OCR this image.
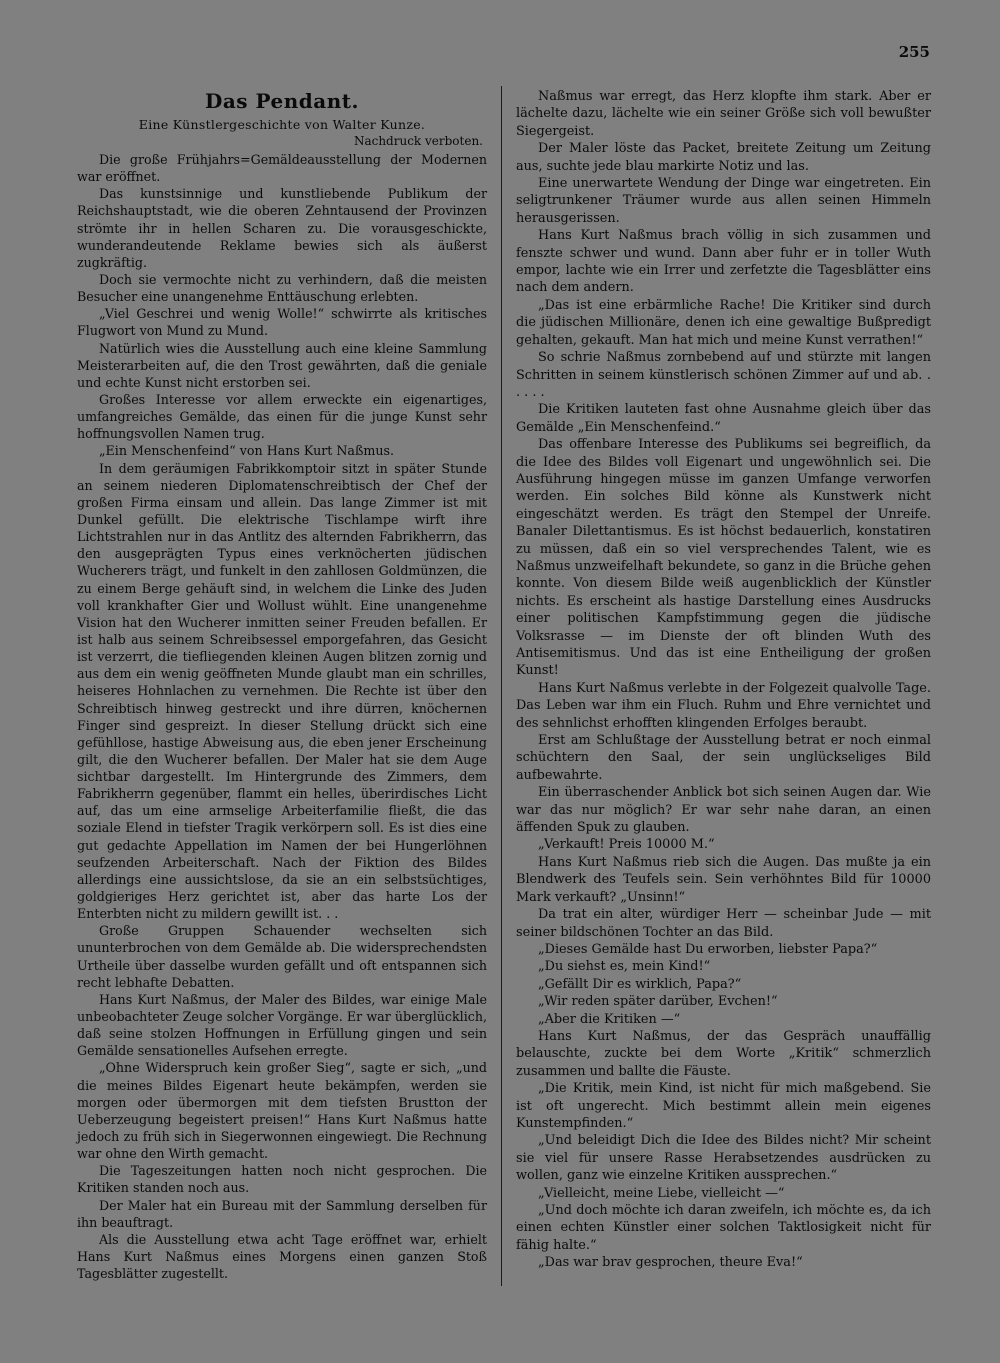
255
Das Pendant.
Eine Künstlergeschichte von Walter Kunze.
Nachdruck verboten.

Die große Frühjahrs=Gemäldeausstellung der Modernen war eröffnet.

Das kunstsinnige und kunstliebende Publikum der Reichshauptstadt, wie die oberen Zehntausend der Provinzen strömte ihr in hellen Scharen zu. Die vorausgeschickte, wunderandeutende Reklame bewies sich als äußerst zugkräftig.

Doch sie vermochte nicht zu verhindern, daß die meisten Besucher eine unangenehme Enttäuschung erlebten.

„Viel Geschrei und wenig Wolle!“ schwirrte als kritisches Flugwort von Mund zu Mund.

Natürlich wies die Ausstellung auch eine kleine Sammlung Meisterarbeiten auf, die den Trost gewährten, daß die geniale und echte Kunst nicht erstorben sei.

Großes Interesse vor allem erweckte ein eigenartiges, umfangreiches Gemälde, das einen für die junge Kunst sehr hoffnungsvollen Namen trug.

„Ein Menschenfeind“ von Hans Kurt Naßmus.

In dem geräumigen Fabrikkomptoir sitzt in später Stunde an seinem niederen Diplomatenschreibtisch der Chef der großen Firma einsam und allein. Das lange Zimmer ist mit Dunkel gefüllt. Die elektrische Tischlampe wirft ihre Lichtstrahlen nur in das Antlitz des alternden Fabrikherrn, das den ausgeprägten Typus eines verknöcherten jüdischen Wucherers trägt, und funkelt in den zahllosen Goldmünzen, die zu einem Berge gehäuft sind, in welchem die Linke des Juden voll krankhafter Gier und Wollust wühlt. Eine unangenehme Vision hat den Wucherer inmitten seiner Freuden befallen. Er ist halb aus seinem Schreibsessel emporgefahren, das Gesicht ist verzerrt, die tiefliegenden kleinen Augen blitzen zornig und aus dem ein wenig geöffneten Munde glaubt man ein schrilles, heiseres Hohnlachen zu vernehmen. Die Rechte ist über den Schreibtisch hinweg gestreckt und ihre dürren, knöchernen Finger sind gespreizt. In dieser Stellung drückt sich eine gefühllose, hastige Abweisung aus, die eben jener Erscheinung gilt, die den Wucherer befallen. Der Maler hat sie dem Auge sichtbar dargestellt. Im Hintergrunde des Zimmers, dem Fabrikherrn gegenüber, flammt ein helles, überirdisches Licht auf, das um eine armselige Arbeiterfamilie fließt, die das soziale Elend in tiefster Tragik verkörpern soll. Es ist dies eine gut gedachte Appellation im Namen der bei Hungerlöhnen seufzenden Arbeiterschaft. Nach der Fiktion des Bildes allerdings eine aussichtslose, da sie an ein selbstsüchtiges, goldgieriges Herz gerichtet ist, aber das harte Los der Enterbten nicht zu mildern gewillt ist. . .

Große Gruppen Schauender wechselten sich ununterbrochen von dem Gemälde ab. Die widersprechendsten Urtheile über dasselbe wurden gefällt und oft entspannen sich recht lebhafte Debatten.

Hans Kurt Naßmus, der Maler des Bildes, war einige Male unbeobachteter Zeuge solcher Vorgänge. Er war überglücklich, daß seine stolzen Hoffnungen in Erfüllung gingen und sein Gemälde sensationelles Aufsehen erregte.

„Ohne Widerspruch kein großer Sieg“, sagte er sich, „und die meines Bildes Eigenart heute bekämpfen, werden sie morgen oder übermorgen mit dem tiefsten Brustton der Ueberzeugung begeistert preisen!“ Hans Kurt Naßmus hatte jedoch zu früh sich in Siegerwonnen eingewiegt. Die Rechnung war ohne den Wirth gemacht.

Die Tageszeitungen hatten noch nicht gesprochen. Die Kritiken standen noch aus.

Der Maler hat ein Bureau mit der Sammlung derselben für ihn beauftragt.

Als die Ausstellung etwa acht Tage eröffnet war, erhielt Hans Kurt Naßmus eines Morgens einen ganzen Stoß Tagesblätter zugestellt.

Naßmus war erregt, das Herz klopfte ihm stark. Aber er lächelte dazu, lächelte wie ein seiner Größe sich voll bewußter Siegergeist.

Der Maler löste das Packet, breitete Zeitung um Zeitung aus, suchte jede blau markirte Notiz und las.

Eine unerwartete Wendung der Dinge war eingetreten. Ein seligtrunkener Träumer wurde aus allen seinen Himmeln herausgerissen.

Hans Kurt Naßmus brach völlig in sich zusammen und fenszte schwer und wund. Dann aber fuhr er in toller Wuth empor, lachte wie ein Irrer und zerfetzte die Tagesblätter eins nach dem andern.

„Das ist eine erbärmliche Rache! Die Kritiker sind durch die jüdischen Millionäre, denen ich eine gewaltige Bußpredigt gehalten, gekauft. Man hat mich und meine Kunst verrathen!“

So schrie Naßmus zornbebend auf und stürzte mit langen Schritten in seinem künstlerisch schönen Zimmer auf und ab. . . . . .

Die Kritiken lauteten fast ohne Ausnahme gleich über das Gemälde „Ein Menschenfeind.“

Das offenbare Interesse des Publikums sei begreiflich, da die Idee des Bildes voll Eigenart und ungewöhnlich sei. Die Ausführung hingegen müsse im ganzen Umfange verworfen werden. Ein solches Bild könne als Kunstwerk nicht eingeschätzt werden. Es trägt den Stempel der Unreife. Banaler Dilettantismus. Es ist höchst bedauerlich, konstatiren zu müssen, daß ein so viel versprechendes Talent, wie es Naßmus unzweifelhaft bekundete, so ganz in die Brüche gehen konnte. Von diesem Bilde weiß augenblicklich der Künstler nichts. Es erscheint als hastige Darstellung eines Ausdrucks einer politischen Kampfstimmung gegen die jüdische Volksrasse — im Dienste der oft blinden Wuth des Antisemitismus. Und das ist eine Entheiligung der großen Kunst!

Hans Kurt Naßmus verlebte in der Folgezeit qualvolle Tage. Das Leben war ihm ein Fluch. Ruhm und Ehre vernichtet und des sehnlichst erhofften klingenden Erfolges beraubt.

Erst am Schlußtage der Ausstellung betrat er noch einmal schüchtern den Saal, der sein unglückseliges Bild aufbewahrte.

Ein überraschender Anblick bot sich seinen Augen dar. Wie war das nur möglich? Er war sehr nahe daran, an einen äffenden Spuk zu glauben.

„Verkauft! Preis 10000 M.“

Hans Kurt Naßmus rieb sich die Augen. Das mußte ja ein Blendwerk des Teufels sein. Sein verhöhntes Bild für 10000 Mark verkauft? „Unsinn!“

Da trat ein alter, würdiger Herr — scheinbar Jude — mit seiner bildschönen Tochter an das Bild.

„Dieses Gemälde hast Du erworben, liebster Papa?“

„Du siehst es, mein Kind!“

„Gefällt Dir es wirklich, Papa?“

„Wir reden später darüber, Evchen!“

„Aber die Kritiken —“

Hans Kurt Naßmus, der das Gespräch unauffällig belauschte, zuckte bei dem Worte „Kritik“ schmerzlich zusammen und ballte die Fäuste.

„Die Kritik, mein Kind, ist nicht für mich maßgebend. Sie ist oft ungerecht. Mich bestimmt allein mein eigenes Kunstempfinden.“

„Und beleidigt Dich die Idee des Bildes nicht? Mir scheint sie viel für unsere Rasse Herabsetzendes ausdrücken zu wollen, ganz wie einzelne Kritiken aussprechen.“

„Vielleicht, meine Liebe, vielleicht —“

„Und doch möchte ich daran zweifeln, ich möchte es, da ich einen echten Künstler einer solchen Taktlosigkeit nicht für fähig halte.“

„Das war brav gesprochen, theure Eva!“
